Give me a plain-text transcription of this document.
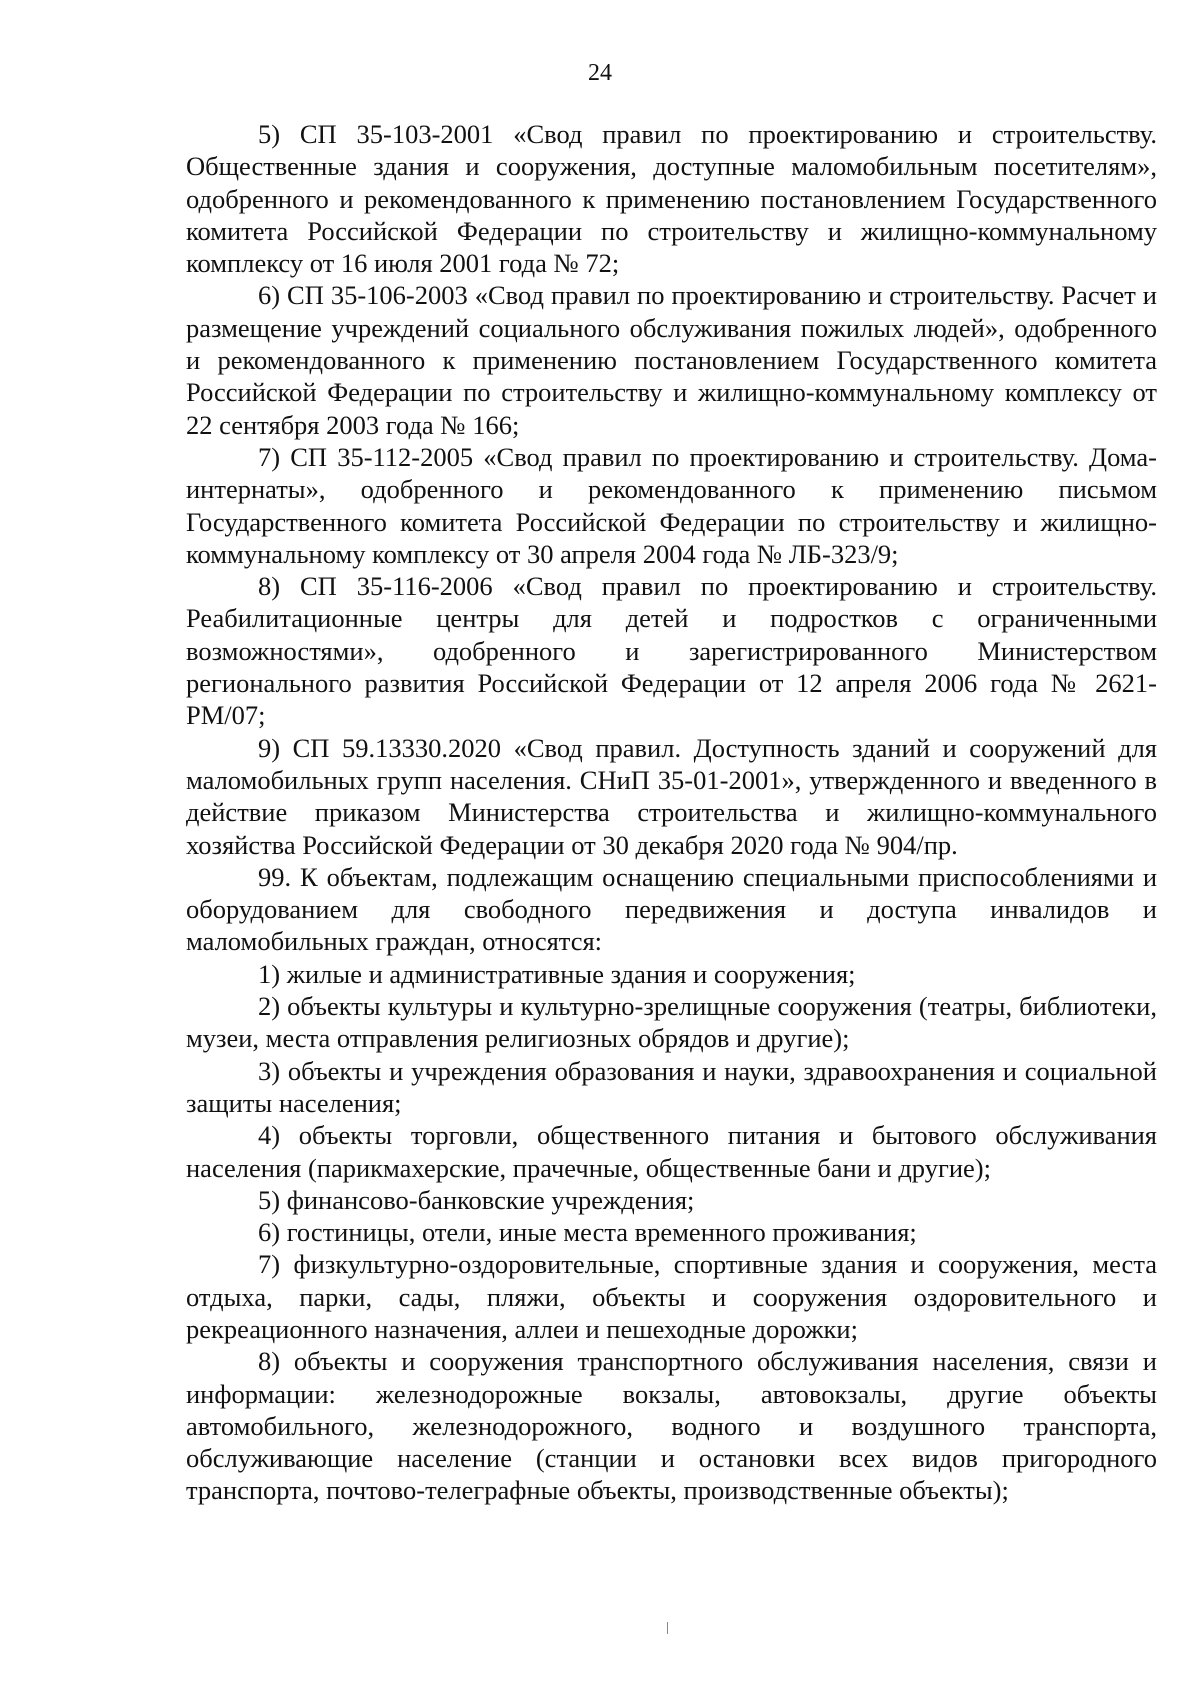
24

5) СП 35-103-2001 «Свод правил по проектированию и строительству. Общественные здания и сооружения, доступные маломобильным посетителям», одобренного и рекомендованного к применению постановлением Государственного комитета Российской Федерации по строительству и жилищно-коммунальному комплексу от 16 июля 2001 года № 72;

6) СП 35-106-2003 «Свод правил по проектированию и строительству. Расчет и размещение учреждений социального обслуживания пожилых людей», одобренного и рекомендованного к применению постановлением Государственного комитета Российской Федерации по строительству и жилищно-коммунальному комплексу от 22 сентября 2003 года № 166;

7) СП 35-112-2005 «Свод правил по проектированию и строительству. Дома-интернаты», одобренного и рекомендованного к применению письмом Государственного комитета Российской Федерации по строительству и жилищно-коммунальному комплексу от 30 апреля 2004 года № ЛБ-323/9;

8) СП 35-116-2006 «Свод правил по проектированию и строительству. Реабилитационные центры для детей и подростков с ограниченными возможностями», одобренного и зарегистрированного Министерством регионального развития Российской Федерации от 12 апреля 2006 года № 2621-РМ/07;

9) СП 59.13330.2020 «Свод правил. Доступность зданий и сооружений для маломобильных групп населения. СНиП 35-01-2001», утвержденного и введенного в действие приказом Министерства строительства и жилищно-коммунального хозяйства Российской Федерации от 30 декабря 2020 года № 904/пр.

99. К объектам, подлежащим оснащению специальными приспособлениями и оборудованием для свободного передвижения и доступа инвалидов и маломобильных граждан, относятся:

1) жилые и административные здания и сооружения;

2) объекты культуры и культурно-зрелищные сооружения (театры, библиотеки, музеи, места отправления религиозных обрядов и другие);

3) объекты и учреждения образования и науки, здравоохранения и социальной защиты населения;

4) объекты торговли, общественного питания и бытового обслуживания населения (парикмахерские, прачечные, общественные бани и другие);

5) финансово-банковские учреждения;

6) гостиницы, отели, иные места временного проживания;

7) физкультурно-оздоровительные, спортивные здания и сооружения, места отдыха, парки, сады, пляжи, объекты и сооружения оздоровительного и рекреационного назначения, аллеи и пешеходные дорожки;

8) объекты и сооружения транспортного обслуживания населения, связи и информации: железнодорожные вокзалы, автовокзалы, другие объекты автомобильного, железнодорожного, водного и воздушного транспорта, обслуживающие население (станции и остановки всех видов пригородного транспорта, почтово-телеграфные объекты, производственные объекты);
